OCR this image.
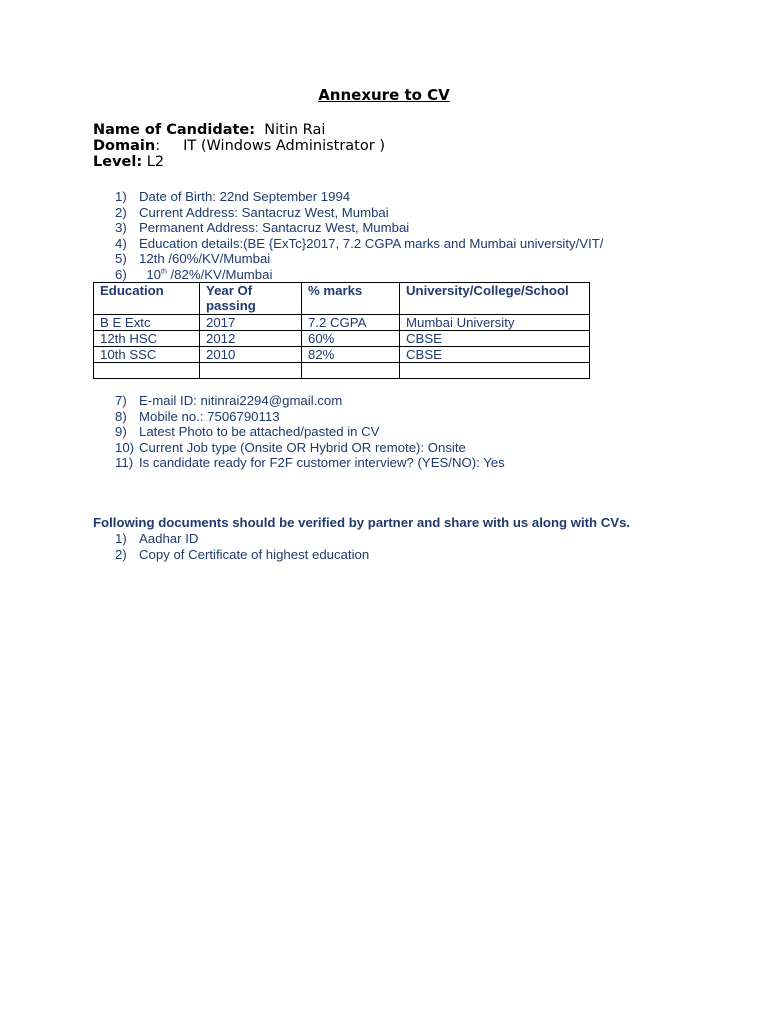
Annexure to CV
Name of Candidate: Nitin Rai
Domain:     IT (Windows Administrator )
Level: L2
1) Date of Birth: 22nd September 1994
2) Current Address: Santacruz West, Mumbai
3) Permanent Address: Santacruz West, Mumbai
4) Education details:(BE {ExTc}2017, 7.2 CGPA marks and Mumbai university/VIT/
5) 12th /60%/KV/Mumbai
6) 10th /82%/KV/Mumbai
Education	Year Of passing	% marks	University/College/School
B E Extc	2017	7.2 CGPA	Mumbai University
12th HSC	2012	60%	CBSE
10th SSC	2010	82%	CBSE

7) E-mail ID: nitinrai2294@gmail.com
8) Mobile no.: 7506790113
9) Latest Photo to be attached/pasted in CV
10) Current Job type (Onsite OR Hybrid OR remote): Onsite
11) Is candidate ready for F2F customer interview? (YES/NO): Yes
Following documents should be verified by partner and share with us along with CVs.
1) Aadhar ID
2) Copy of Certificate of highest education
